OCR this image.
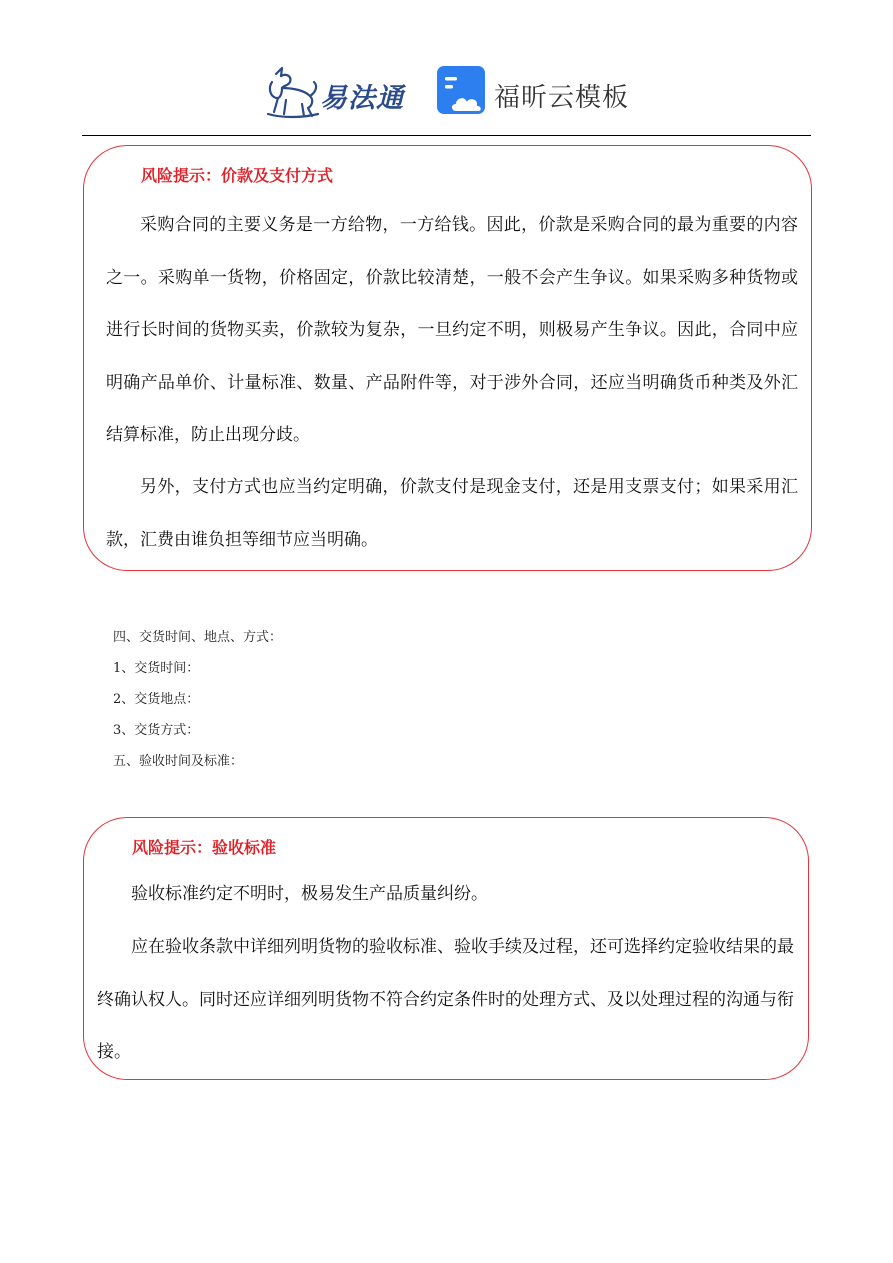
易法通	福昕云模板
风险提示：价款及支付方式

采购合同的主要义务是一方给物，一方给钱。因此，价款是采购合同的最为重要的内容之一。采购单一货物，价格固定，价款比较清楚，一般不会产生争议。如果采购多种货物或进行长时间的货物买卖，价款较为复杂，一旦约定不明，则极易产生争议。因此，合同中应明确产品单价、计量标准、数量、产品附件等，对于涉外合同，还应当明确货币种类及外汇结算标准，防止出现分歧。

另外，支付方式也应当约定明确，价款支付是现金支付，还是用支票支付；如果采用汇款，汇费由谁负担等细节应当明确。

四、交货时间、地点、方式：
1、交货时间：
2、交货地点：
3、交货方式：
五、验收时间及标准：
风险提示：验收标准

验收标准约定不明时，极易发生产品质量纠纷。

应在验收条款中详细列明货物的验收标准、验收手续及过程，还可选择约定验收结果的最终确认权人。同时还应详细列明货物不符合约定条件时的处理方式、及以处理过程的沟通与衔接。
